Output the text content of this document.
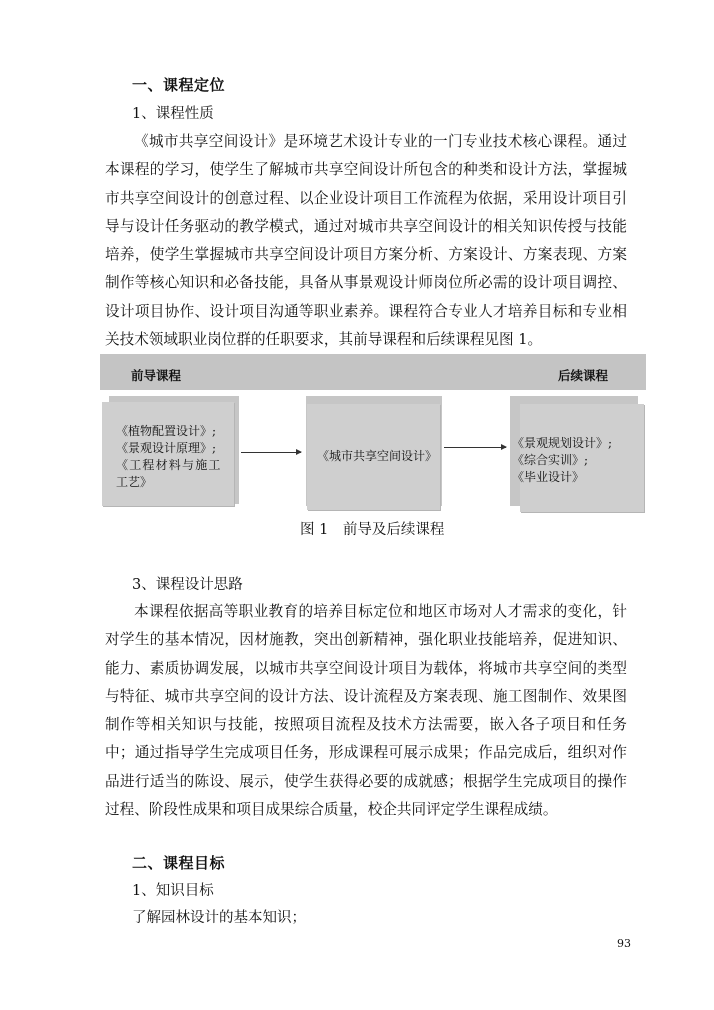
一、课程定位
1、课程性质

《城市共享空间设计》是环境艺术设计专业的一门专业技术核心课程。通过本课程的学习，使学生了解城市共享空间设计所包含的种类和设计方法，掌握城市共享空间设计的创意过程、以企业设计项目工作流程为依据，采用设计项目引导与设计任务驱动的教学模式，通过对城市共享空间设计的相关知识传授与技能培养，使学生掌握城市共享空间设计项目方案分析、方案设计、方案表现、方案制作等核心知识和必备技能，具备从事景观设计师岗位所必需的设计项目调控、设计项目协作、设计项目沟通等职业素养。课程符合专业人才培养目标和专业相关技术领域职业岗位群的任职要求，其前导课程和后续课程见图 1。

前导课程	后续课程
《植物配置设计》;
《景观设计原理》;
《工程材料与施工
工艺》
《城市共享空间设计》
《景观规划设计》;
《综合实训》;
《毕业设计》
图 1　前导及后续课程
3、课程设计思路

本课程依据高等职业教育的培养目标定位和地区市场对人才需求的变化，针对学生的基本情况，因材施教，突出创新精神，强化职业技能培养，促进知识、能力、素质协调发展，以城市共享空间设计项目为载体，将城市共享空间的类型与特征、城市共享空间的设计方法、设计流程及方案表现、施工图制作、效果图制作等相关知识与技能，按照项目流程及技术方法需要，嵌入各子项目和任务中；通过指导学生完成项目任务，形成课程可展示成果；作品完成后，组织对作品进行适当的陈设、展示，使学生获得必要的成就感；根据学生完成项目的操作过程、阶段性成果和项目成果综合质量，校企共同评定学生课程成绩。

二、课程目标
1、知识目标
了解园林设计的基本知识；
93
